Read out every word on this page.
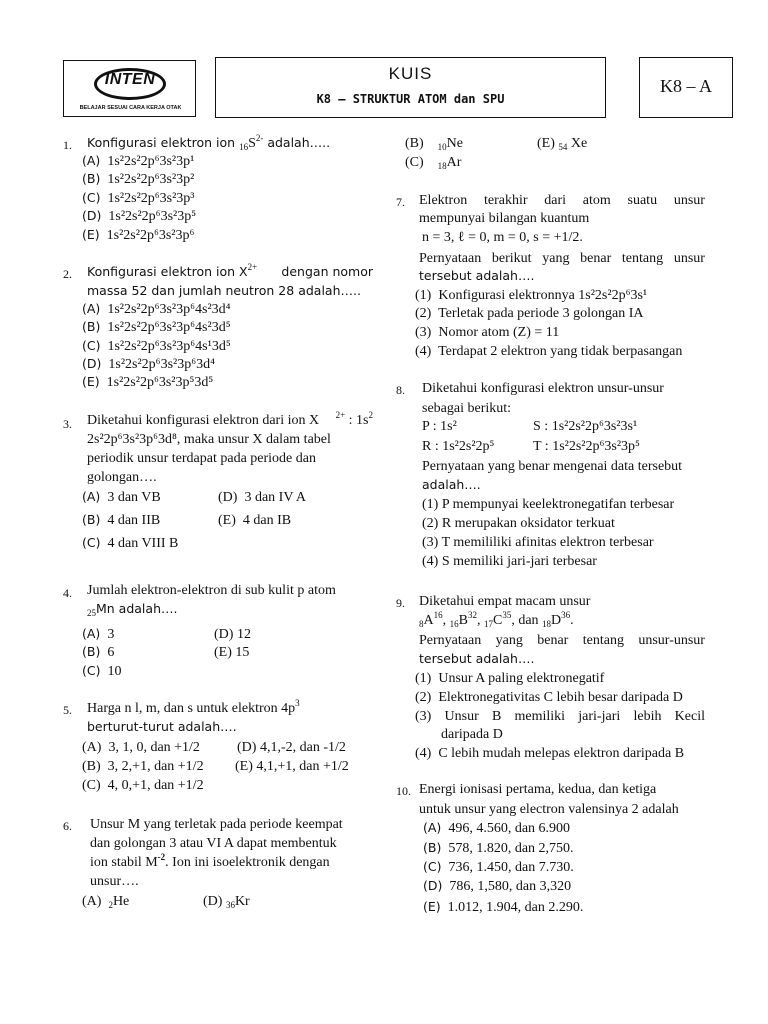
INTEN
BELAJAR SESUAI CARA KERJA OTAK
KUIS
K8 – STRUKTUR ATOM dan SPU
K8 – A
1. Konfigurasi elektron ion $_{16}S^{2-}$ adalah…..
(A) 1s²2s²2p⁶3s²3p¹
(B) 1s²2s²2p⁶3s²3p²
(C) 1s²2s²2p⁶3s²3p³
(D) 1s²2s²2p⁶3s²3p⁵
(E) 1s²2s²2p⁶3s²3p⁶
2. Konfigurasi elektron ion $X^{2+}$ dengan nomor
massa 52 dan jumlah neutron 28 adalah…..
(A) 1s²2s²2p⁶3s²3p⁶4s²3d⁴
(B) 1s²2s²2p⁶3s²3p⁶4s²3d⁵
(C) 1s²2s²2p⁶3s²3p⁶4s¹3d⁵
(D) 1s²2s²2p⁶3s²3p⁶3d⁴
(E) 1s²2s²2p⁶3s²3p⁵3d⁵
3. Diketahui konfigurasi elektron dari ion X $^{2+}$ : $1s^2$
2s²2p⁶3s²3p⁶3d⁸, maka unsur X dalam tabel
periodik unsur terdapat pada periode dan
golongan….
(A) 3 dan VB	(D) 3 dan IV A
(B) 4 dan IIB	(E) 4 dan IB
(C) 4 dan VIII B
4. Jumlah elektron-elektron di sub kulit p atom
$_{25}$Mn adalah….
(A) 3	(D) 12
(B) 6	(E) 15
(C) 10
5. Harga n l, m, dan s untuk elektron $4p^3$
berturut-turut adalah….
(A) 3, 1, 0, dan +1/2	(D) 4,1,-2, dan -1/2
(B) 3, 2,+1, dan +1/2 (E) 4,1,+1, dan +1/2
(C) 4, 0,+1, dan +1/2
6. Unsur M yang terletak pada periode keempat
dan golongan 3 atau VI A dapat membentuk
ion stabil $M^{-2}$. Ion ini isoelektronik dengan
unsur….
(A) $_2$He	(D) $_{36}$Kr
(B) $_{10}$Ne	(E) $_{54}$ Xe
(C) $_{18}$Ar
7. Elektron terakhir dari atom suatu unsur
mempunyai bilangan kuantum
n = 3, ℓ = 0, m = 0, s = +1/2.
Pernyataan berikut yang benar tentang unsur
tersebut adalah….
(1) Konfigurasi elektronnya 1s²2s²2p⁶3s¹
(2) Terletak pada periode 3 golongan IA
(3) Nomor atom (Z) = 11
(4) Terdapat 2 elektron yang tidak berpasangan
8. Diketahui konfigurasi elektron unsur-unsur
sebagai berikut:
P : 1s²	S : 1s²2s²2p⁶3s²3s¹
R : 1s²2s²2p⁵	T : 1s²2s²2p⁶3s²3p⁵
Pernyataan yang benar mengenai data tersebut
adalah….
(1) P mempunyai keelektronegatifan terbesar
(2) R merupakan oksidator terkuat
(3) T memililiki afinitas elektron terbesar
(4) S memiliki jari-jari terbesar
9. Diketahui empat macam unsur
$_8A^{16}$, $_{16}B^{32}$, $_{17}C^{35}$, dan $_{18}D^{36}$.
Pernyataan yang benar tentang unsur-unsur
tersebut adalah….
(1) Unsur A paling elektronegatif
(2) Elektronegativitas C lebih besar daripada D
(3) Unsur B memiliki jari-jari lebih Kecil
daripada D
(4) C lebih mudah melepas elektron daripada B
10. Energi ionisasi pertama, kedua, dan ketiga
untuk unsur yang electron valensinya 2 adalah
(A) 496, 4.560, dan 6.900
(B) 578, 1.820, dan 2,750.
(C) 736, 1.450, dan 7.730.
(D) 786, 1,580, dan 3,320
(E) 1.012, 1.904, dan 2.290.
